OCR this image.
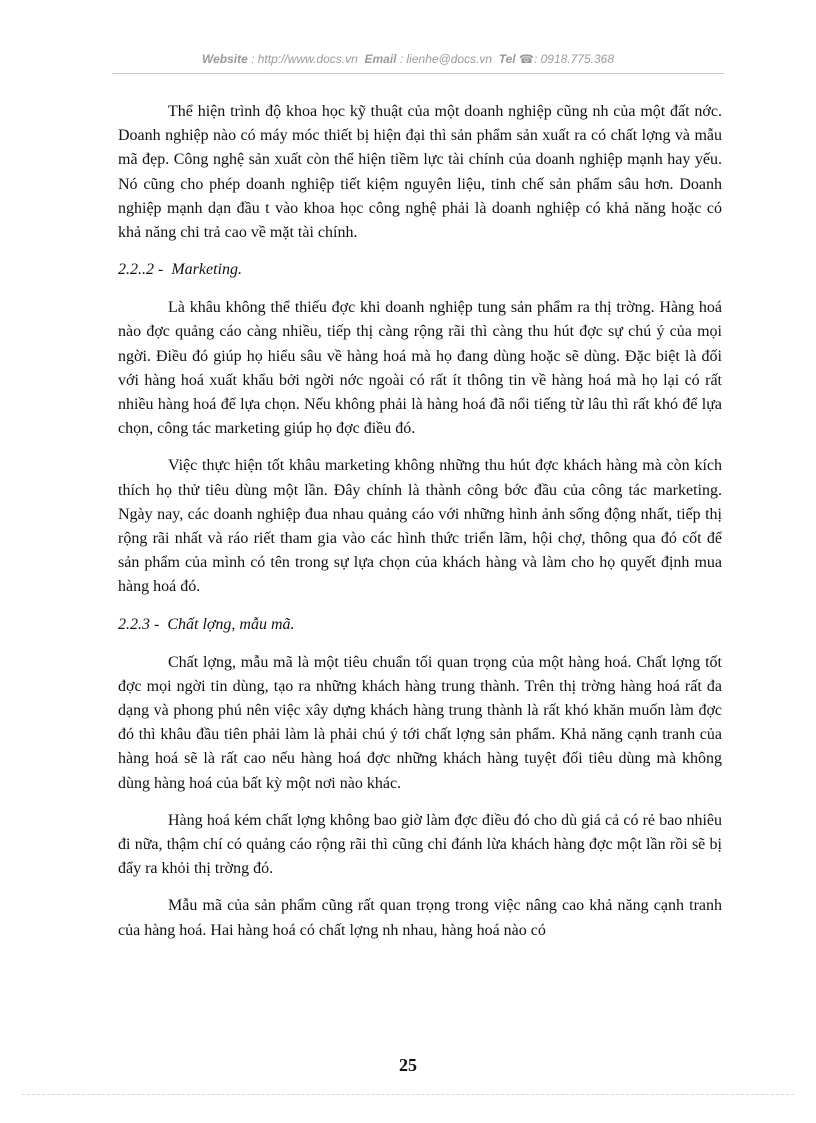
Website : http://www.docs.vn Email : lienhe@docs.vn Tel ☎: 0918.775.368

Thể hiện trình độ khoa học kỹ thuật của một doanh nghiệp cũng nh của một đất nớc. Doanh nghiệp nào có máy móc thiết bị hiện đại thì sản phẩm sản xuất ra có chất lợng và mẫu mã đẹp. Công nghệ sản xuất còn thể hiện tiềm lực tài chính của doanh nghiệp mạnh hay yếu. Nó cũng cho phép doanh nghiệp tiết kiệm nguyên liệu, tinh chế sản phẩm sâu hơn. Doanh nghiệp mạnh dạn đầu t vào khoa học công nghệ phải là doanh nghiệp có khả năng hoặc có khả năng chi trả cao về mặt tài chính.

2.2..2 - Marketing.

Là khâu không thể thiếu đợc khi doanh nghiệp tung sản phẩm ra thị trờng. Hàng hoá nào đợc quảng cáo càng nhiều, tiếp thị càng rộng rãi thì càng thu hút đợc sự chú ý của mọi ngời. Điều đó giúp họ hiểu sâu về hàng hoá mà họ đang dùng hoặc sẽ dùng. Đặc biệt là đối với hàng hoá xuất khẩu bởi ngời nớc ngoài có rất ít thông tin về hàng hoá mà họ lại có rất nhiều hàng hoá để lựa chọn. Nếu không phải là hàng hoá đã nổi tiếng từ lâu thì rất khó để lựa chọn, công tác marketing giúp họ đợc điều đó.

Việc thực hiện tốt khâu marketing không những thu hút đợc khách hàng mà còn kích thích họ thử tiêu dùng một lần. Đây chính là thành công bớc đầu của công tác marketing. Ngày nay, các doanh nghiệp đua nhau quảng cáo với những hình ảnh sống động nhất, tiếp thị rộng rãi nhất và ráo riết tham gia vào các hình thức triển lãm, hội chợ, thông qua đó cốt để sản phẩm của mình có tên trong sự lựa chọn của khách hàng và làm cho họ quyết định mua hàng hoá đó.

2.2.3 - Chất lợng, mẫu mã.

Chất lợng, mẫu mã là một tiêu chuẩn tối quan trọng của một hàng hoá. Chất lợng tốt đợc mọi ngời tin dùng, tạo ra những khách hàng trung thành. Trên thị trờng hàng hoá rất đa dạng và phong phú nên việc xây dựng khách hàng trung thành là rất khó khăn muốn làm đợc đó thì khâu đầu tiên phải làm là phải chú ý tới chất lợng sản phẩm. Khả năng cạnh tranh của hàng hoá sẽ là rất cao nếu hàng hoá đợc những khách hàng tuyệt đối tiêu dùng mà không dùng hàng hoá của bất kỳ một nơi nào khác.

Hàng hoá kém chất lợng không bao giờ làm đợc điều đó cho dù giá cả có rẻ bao nhiêu đi nữa, thậm chí có quảng cáo rộng rãi thì cũng chỉ đánh lừa khách hàng đợc một lần rồi sẽ bị đẩy ra khỏi thị trờng đó.

Mẫu mã của sản phẩm cũng rất quan trọng trong việc nâng cao khả năng cạnh tranh của hàng hoá. Hai hàng hoá có chất lợng nh nhau, hàng hoá nào có

25
